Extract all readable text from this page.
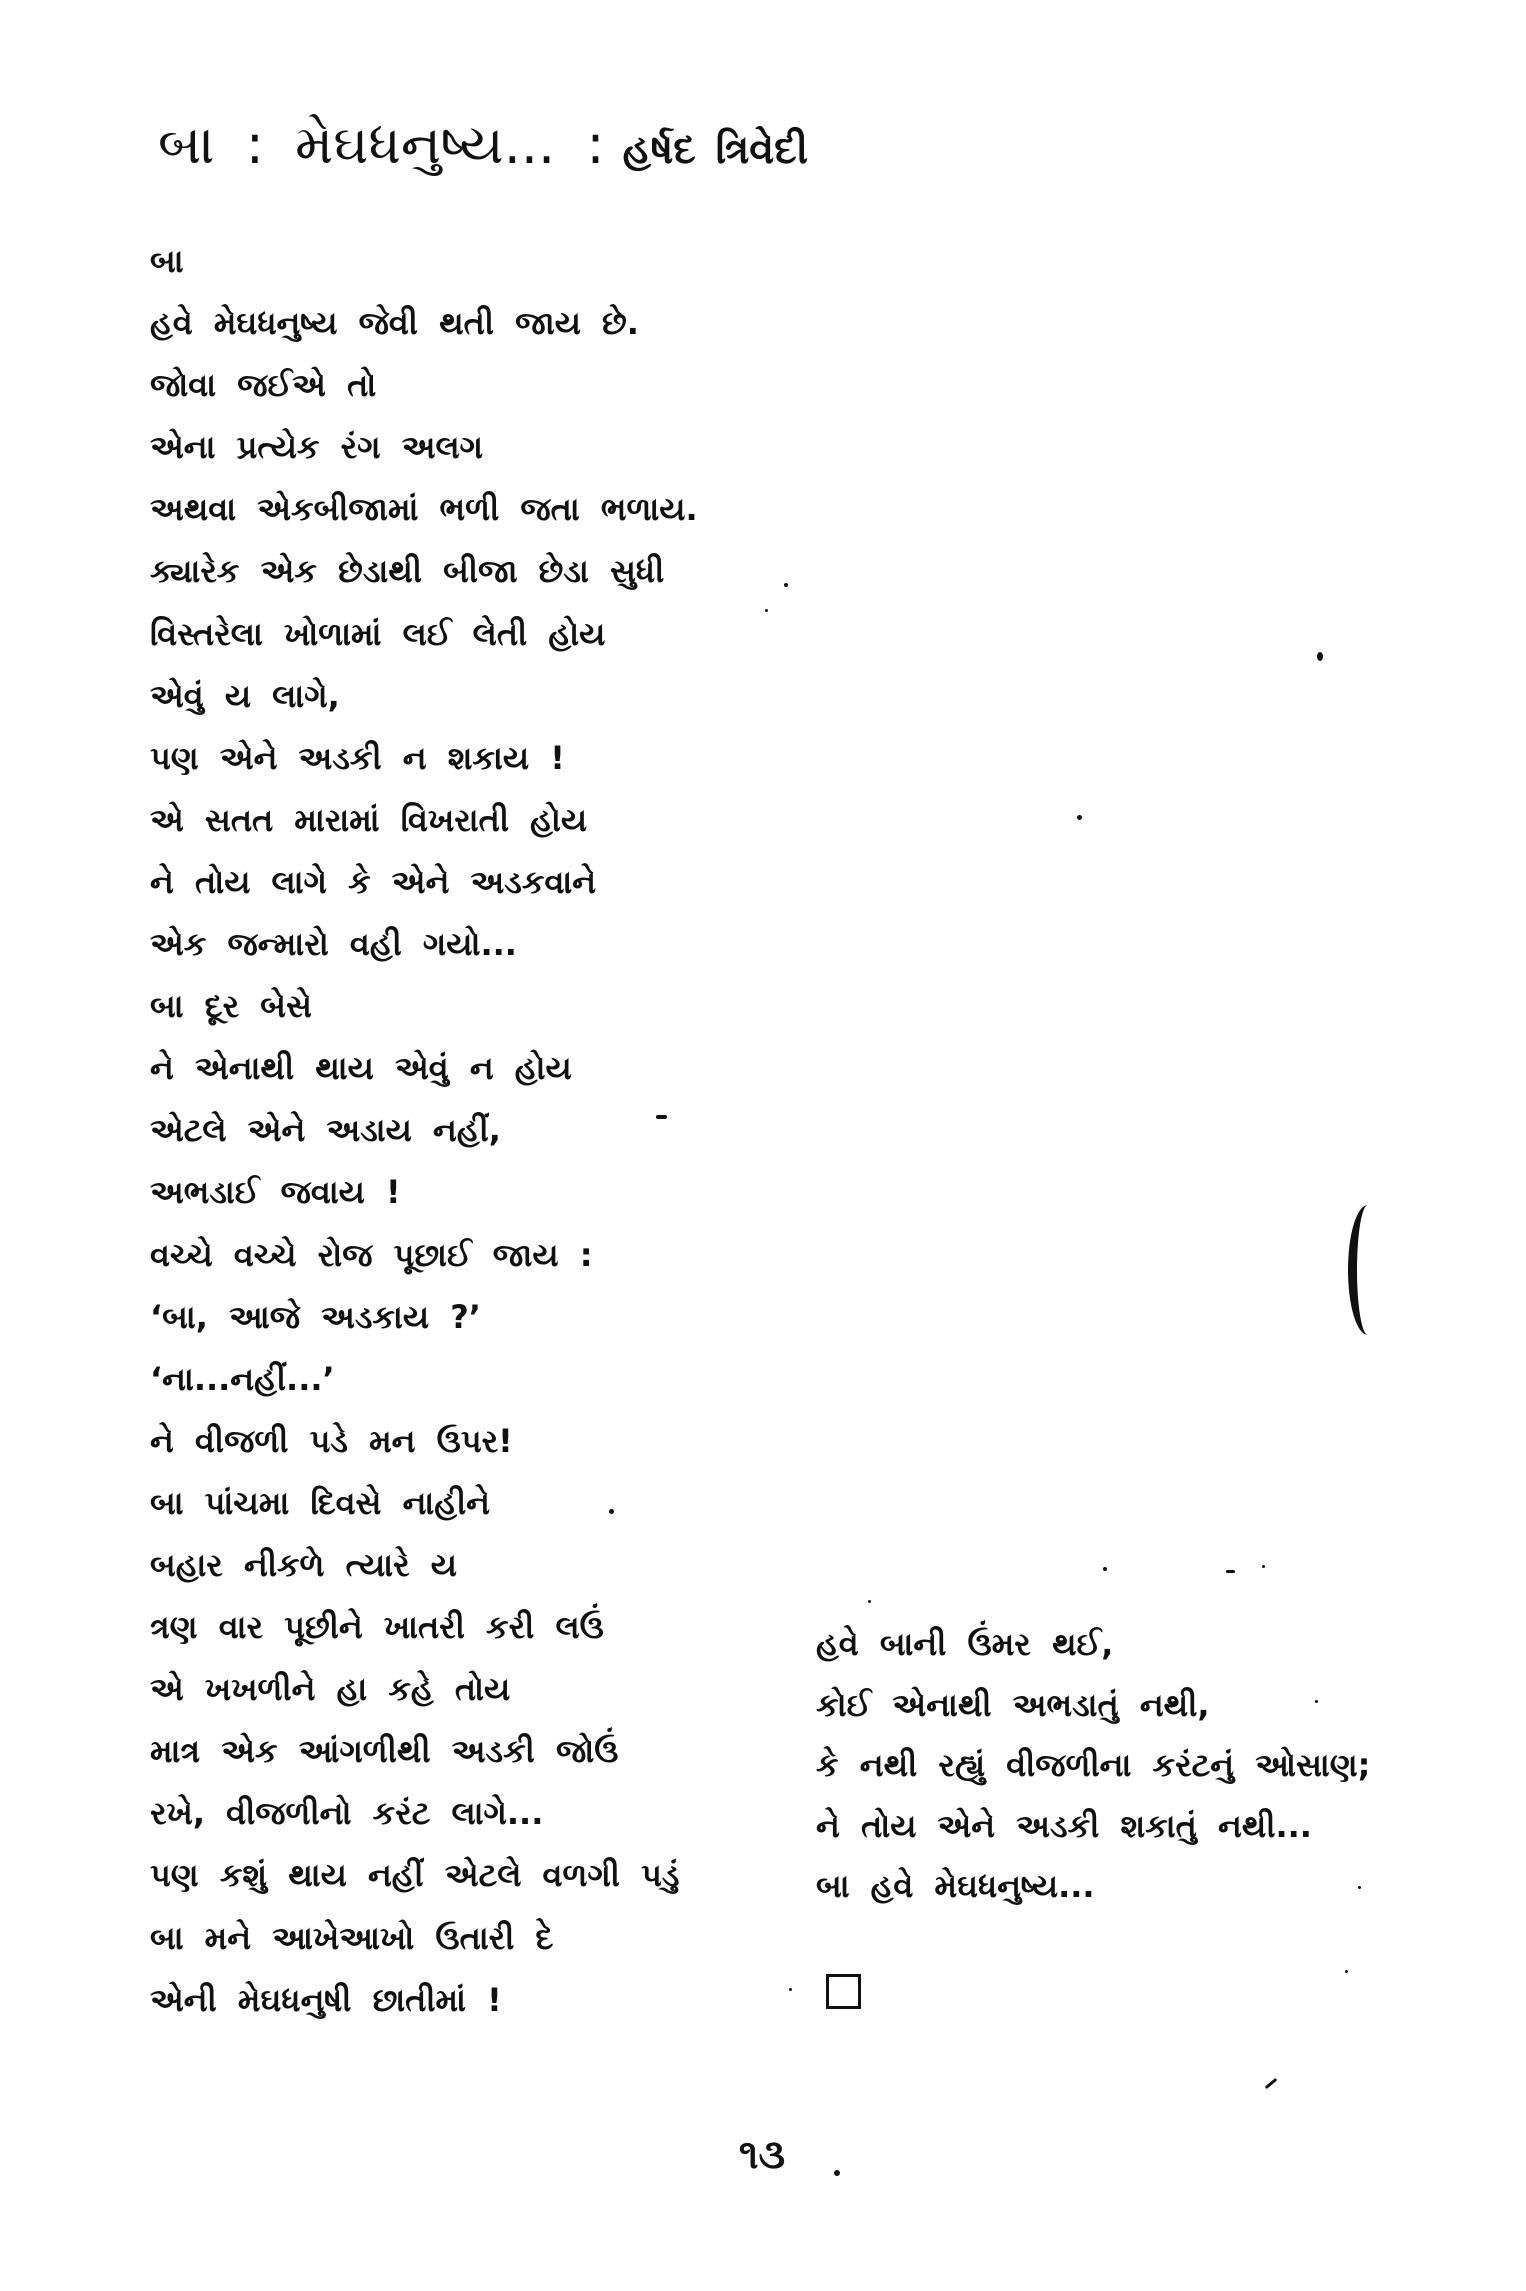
બા : મેઘધનુષ્ય... : હર્ષદ ત્રિવેદી
બા
હવે મેઘધનુષ્ય જેવી થતી જાય છે.
જોવા જઈએ તો
એના પ્રત્યેક રંગ અલગ
અથવા એકબીજામાં ભળી જતા ભળાય.
ક્યારેક એક છેડાથી બીજા છેડા સુધી
વિસ્તરેલા ખોળામાં લઈ લેતી હોય
એવું ય લાગે,
પણ એને અડકી ન શકાય !
એ સતત મારામાં વિખરાતી હોય
ને તોય લાગે કે એને અડકવાને
એક જન્મારો વહી ગયો...
બા દૂર બેસે
ને એનાથી થાય એવું ન હોય
એટલે એને અડાય નહીં,
અભડાઈ જવાય !
વચ્ચે વચ્ચે રોજ પૂછાઈ જાય :
‘બા, આજે અડકાય ?’
‘ના...નહીં...’
ને વીજળી પડે મન ઉપર!
બા પાંચમા દિવસે નાહીને
બહાર નીકળે ત્યારે ય
ત્રણ વાર પૂછીને ખાતરી કરી લઉં
એ ખખળીને હા કહે તોય
માત્ર એક આંગળીથી અડકી જોઉં
રખે, વીજળીનો કરંટ લાગે...
પણ કશું થાય નહીં એટલે વળગી પડું
બા મને આખેઆખો ઉતારી દે
એની મેઘધનુષી છાતીમાં !
હવે બાની ઉંમર થઈ,
કોઈ એનાથી અભડાતું નથી,
કે નથી રહ્યું વીજળીના કરંટનું ઓસાણ;
ને તોય એને અડકી શકાતું નથી...
બા હવે મેઘધનુષ્ય...
૧૩
